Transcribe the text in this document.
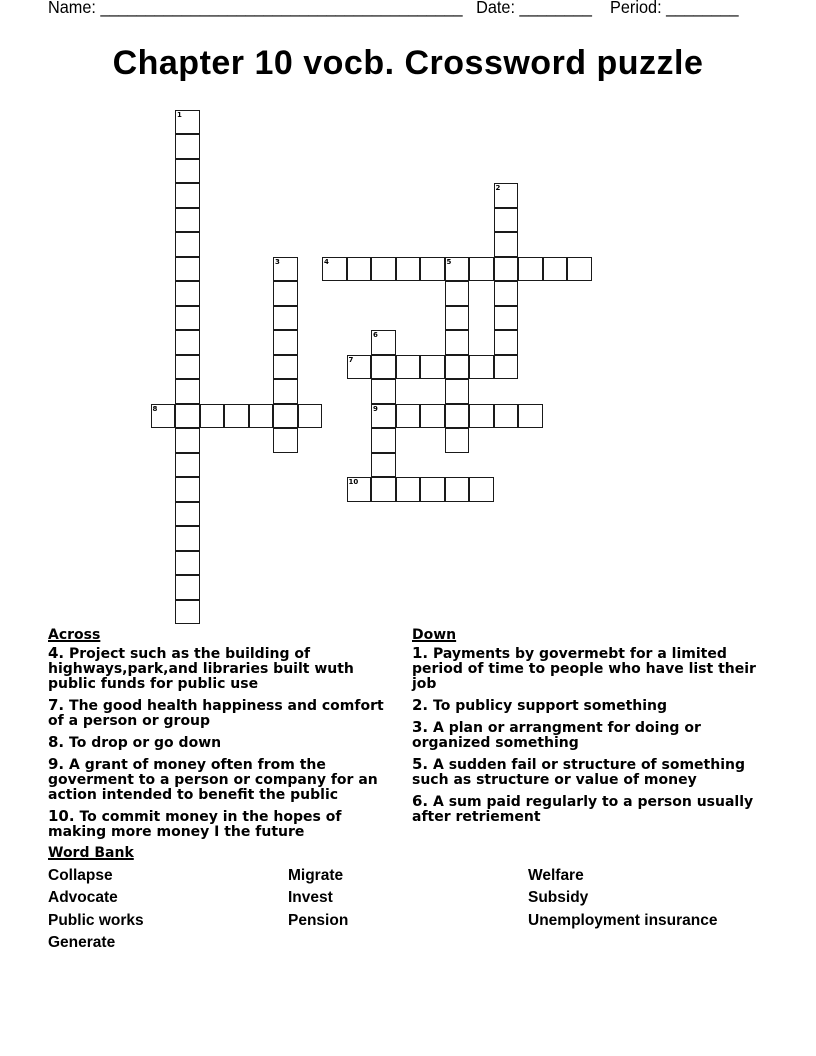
Name: ________________________________________ Date: ________ Period: ________
Chapter 10 vocb. Crossword puzzle
1
2
3	4	5
6
9
7
8
10
Across
4. Project such as the building of highways,park,and libraries built wuth public funds for public use
7. The good health happiness and comfort of a person or group
8. To drop or go down
9. A grant of money often from the goverment to a person or company for an action intended to benefit the public
10. To commit money in the hopes of making more money I the future
Down
1. Payments by govermebt for a limited period of time to people who have list their job
2. To publicy support something
3. A plan or arrangment for doing or organized something
5. A sudden fail or structure of something such as structure or value of money
6. A sum paid regularly to a person usually after retriement
Word Bank
Collapse
Advocate
Public works
Generate
Migrate
Invest
Pension
Welfare
Subsidy
Unemployment insurance
